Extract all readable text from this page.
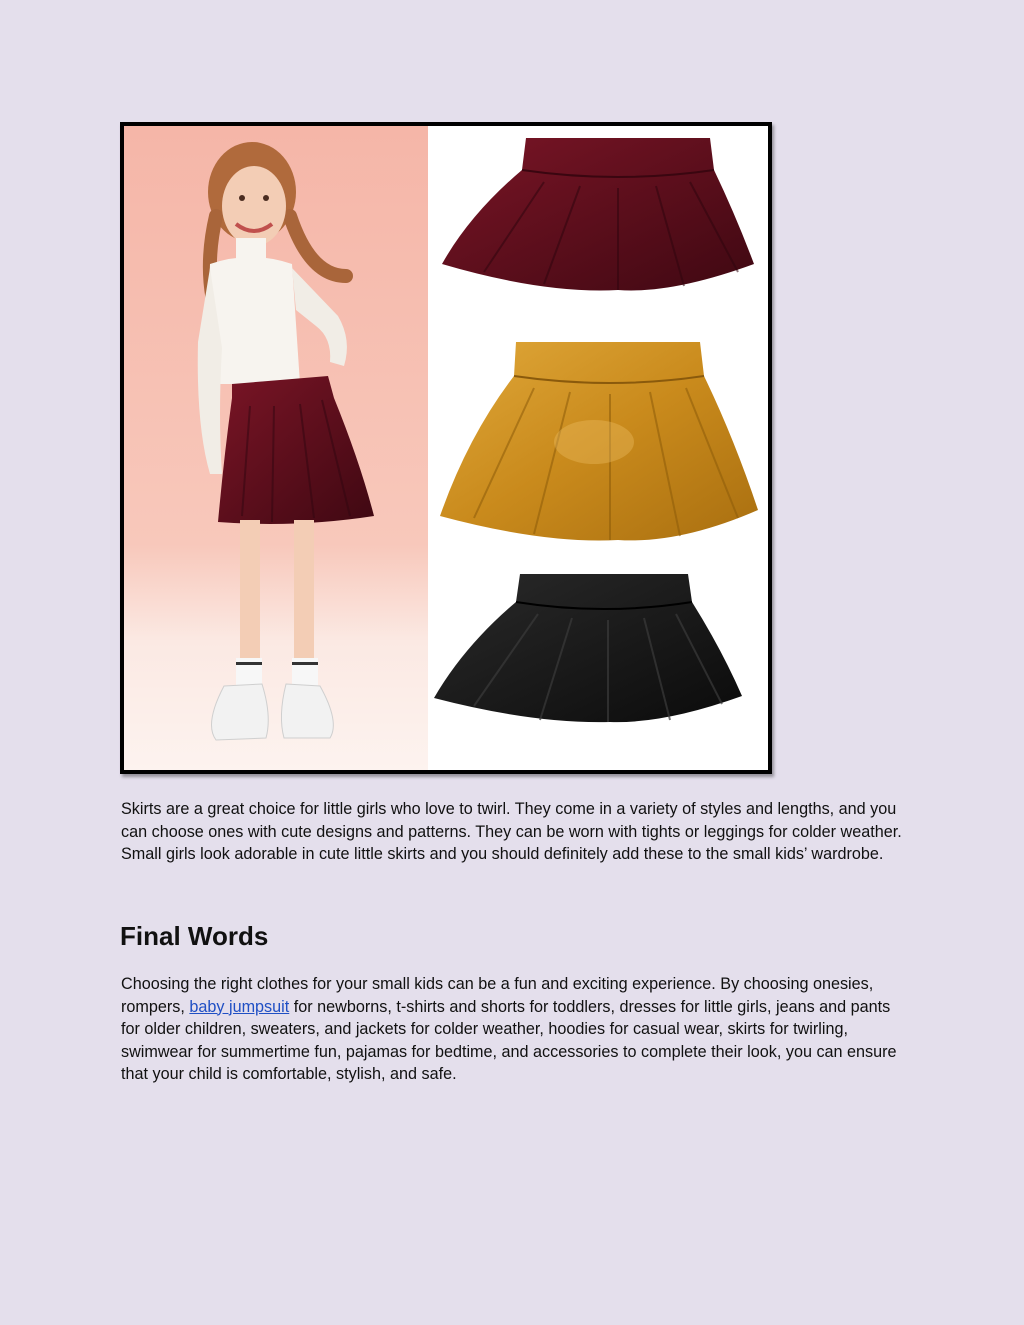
Skirts are a great choice for little girls who love to twirl. They come in a variety of styles and lengths, and you can choose ones with cute designs and patterns. They can be worn with tights or leggings for colder weather. Small girls look adorable in cute little skirts and you should definitely add these to the small kids’ wardrobe.

Final Words

Choosing the right clothes for your small kids can be a fun and exciting experience. By choosing onesies, rompers, baby jumpsuit for newborns, t-shirts and shorts for toddlers, dresses for little girls, jeans and pants for older children, sweaters, and jackets for colder weather, hoodies for casual wear, skirts for twirling, swimwear for summertime fun, pajamas for bedtime, and accessories to complete their look, you can ensure that your child is comfortable, stylish, and safe.
